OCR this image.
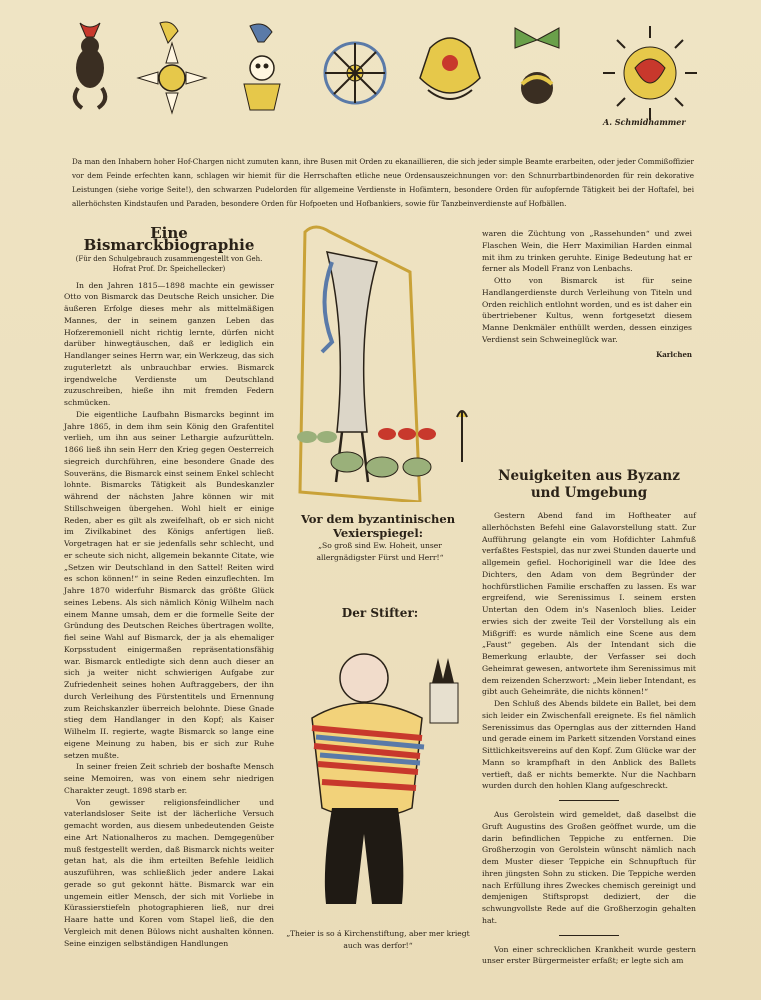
A. Schmidhammer
Da man den Inhabern hoher Hof-Chargen nicht zumuten kann, ihre Busen mit Orden zu ekanaillieren, die sich jeder simple Beamte erarbeiten, oder jeder Commißoffizier vor dem Feinde erfechten kann, schlagen wir hiemit für die Herrschaften etliche neue Ordensauszeichnungen vor: den Schnurrbartbindenorden für rein dekorative Leistungen (siehe vorige Seite!), den schwarzen Pudelorden für allgemeine Verdienste in Hofämtern, besondere Orden für aufopfernde Tätigkeit bei der Hoftafel, bei allerhöchsten Kindstaufen und Paraden, besondere Orden für Hofpoeten und Hofbankiers, sowie für Tanzbeinverdienste auf Hofbällen.
Eine Bismarckbiographie
(Für den Schulgebrauch zusammengestellt von Geh. Hofrat Prof. Dr. Speichellecker)

In den Jahren 1815—1898 machte ein gewisser Otto von Bismarck das Deutsche Reich unsicher. Die äußeren Erfolge dieses mehr als mittelmäßigen Mannes, der in seinem ganzen Leben das Hofzeremoniell nicht richtig lernte, dürfen nicht darüber hinwegtäuschen, daß er lediglich ein Handlanger seines Herrn war, ein Werkzeug, das sich zuguterletzt als unbrauchbar erwies. Bismarck irgendwelche Verdienste um Deutschland zuzuschreiben, hieße ihn mit fremden Federn schmücken.

Die eigentliche Laufbahn Bismarcks beginnt im Jahre 1865, in dem ihm sein König den Grafentitel verlieh, um ihn aus seiner Lethargie aufzurütteln. 1866 ließ ihn sein Herr den Krieg gegen Oesterreich siegreich durchführen, eine besondere Gnade des Souveräns, die Bismarck einst seinem Enkel schlecht lohnte. Bismarcks Tätigkeit als Bundeskanzler während der nächsten Jahre können wir mit Stillschweigen übergehen. Wohl hielt er einige Reden, aber es gilt als zweifelhaft, ob er sich nicht im Zivilkabinet des Königs anfertigen ließ. Vorgetragen hat er sie jedenfalls sehr schlecht, und er scheute sich nicht, allgemein bekannte Citate, wie „Setzen wir Deutschland in den Sattel! Reiten wird es schon können!“ in seine Reden einzuflechten. Im Jahre 1870 widerfuhr Bismarck das größte Glück seines Lebens. Als sich nämlich König Wilhelm nach einem Manne umsah, dem er die formelle Seite der Gründung des Deutschen Reiches übertragen wollte, fiel seine Wahl auf Bismarck, der ja als ehemaliger Korpsstudent einigermaßen repräsentationsfähig war. Bismarck entledigte sich denn auch dieser an sich ja weiter nicht schwierigen Aufgabe zur Zufriedenheit seines hohen Auftraggebers, der ihn durch Verleihung des Fürstentitels und Ernennung zum Reichskanzler überreich belohnte. Diese Gnade stieg dem Handlanger in den Kopf; als Kaiser Wilhelm II. regierte, wagte Bismarck so lange eine eigene Meinung zu haben, bis er sich zur Ruhe setzen mußte.

In seiner freien Zeit schrieb der boshafte Mensch seine Memoiren, was von einem sehr niedrigen Charakter zeugt. 1898 starb er.

Von gewisser religionsfeindlicher und vaterlandsloser Seite ist der lächerliche Versuch gemacht worden, aus diesem unbedeutenden Geiste eine Art Nationalheros zu machen. Demgegenüber muß festgestellt werden, daß Bismarck nichts weiter getan hat, als die ihm erteilten Befehle leidlich auszuführen, was schließlich jeder andere Lakai gerade so gut gekonnt hätte. Bismarck war ein ungemein eitler Mensch, der sich mit Vorliebe in Kürassierstiefeln photographieren ließ, nur drei Haare hatte und Koren vom Stapel ließ, die den Vergleich mit denen Bülows nicht aushalten können. Seine einzigen selbständigen Handlungen

Vor dem byzantinischen Vexierspiegel:
„So groß sind Ew. Hoheit, unser allergnädigster Fürst und Herr!“
Der Stifter:
„Theier is so á Kirchenstiftung, aber mer kriegt auch was derfor!“

waren die Züchtung von „Rassehunden“ und zwei Flaschen Wein, die Herr Maximilian Harden einmal mit ihm zu trinken geruhte. Einige Bedeutung hat er ferner als Modell Franz von Lenbachs.

Otto von Bismarck ist für seine Handlangerdienste durch Verleihung von Titeln und Orden reichlich entlohnt worden, und es ist daher ein übertriebener Kultus, wenn fortgesetzt diesem Manne Denkmäler enthüllt werden, dessen einziges Verdienst sein Schweineglück war.

Karlchen
Neuigkeiten aus Byzanz und Umgebung

Gestern Abend fand im Hoftheater auf allerhöchsten Befehl eine Galavorstellung statt. Zur Aufführung gelangte ein vom Hofdichter Lahmfuß verfaßtes Festspiel, das nur zwei Stunden dauerte und allgemein gefiel. Hochoriginell war die Idee des Dichters, den Adam von dem Begründer der hochfürstlichen Familie erschaffen zu lassen. Es war ergreifend, wie Serenissimus I. seinem ersten Untertan den Odem in's Nasenloch blies. Leider erwies sich der zweite Teil der Vorstellung als ein Mißgriff: es wurde nämlich eine Scene aus dem „Faust“ gegeben. Als der Intendant sich die Bemerkung erlaubte, der Verfasser sei doch Geheimrat gewesen, antwortete ihm Serenissimus mit dem reizenden Scherzwort: „Mein lieber Intendant, es gibt auch Geheimräte, die nichts können!“

Den Schluß des Abends bildete ein Ballet, bei dem sich leider ein Zwischenfall ereignete. Es fiel nämlich Serenissimus das Opernglas aus der zitternden Hand und gerade einem im Parkett sitzenden Vorstand eines Sittlichkeitsvereins auf den Kopf. Zum Glücke war der Mann so krampfhaft in den Anblick des Ballets vertieft, daß er nichts bemerkte. Nur die Nachbarn wurden durch den hohlen Klang aufgeschreckt.

Aus Gerolstein wird gemeldet, daß daselbst die Gruft Augustins des Großen geöffnet wurde, um die darin befindlichen Teppiche zu entfernen. Die Großherzogin von Gerolstein wünscht nämlich nach dem Muster dieser Teppiche ein Schnupftuch für ihren jüngsten Sohn zu sticken. Die Teppiche werden nach Erfüllung ihres Zweckes chemisch gereinigt und demjenigen Stiftspropst dediziert, der die schwungvollste Rede auf die Großherzogin gehalten hat.

Von einer schrecklichen Krankheit wurde gestern unser erster Bürgermeister erfaßt; er legte sich am
